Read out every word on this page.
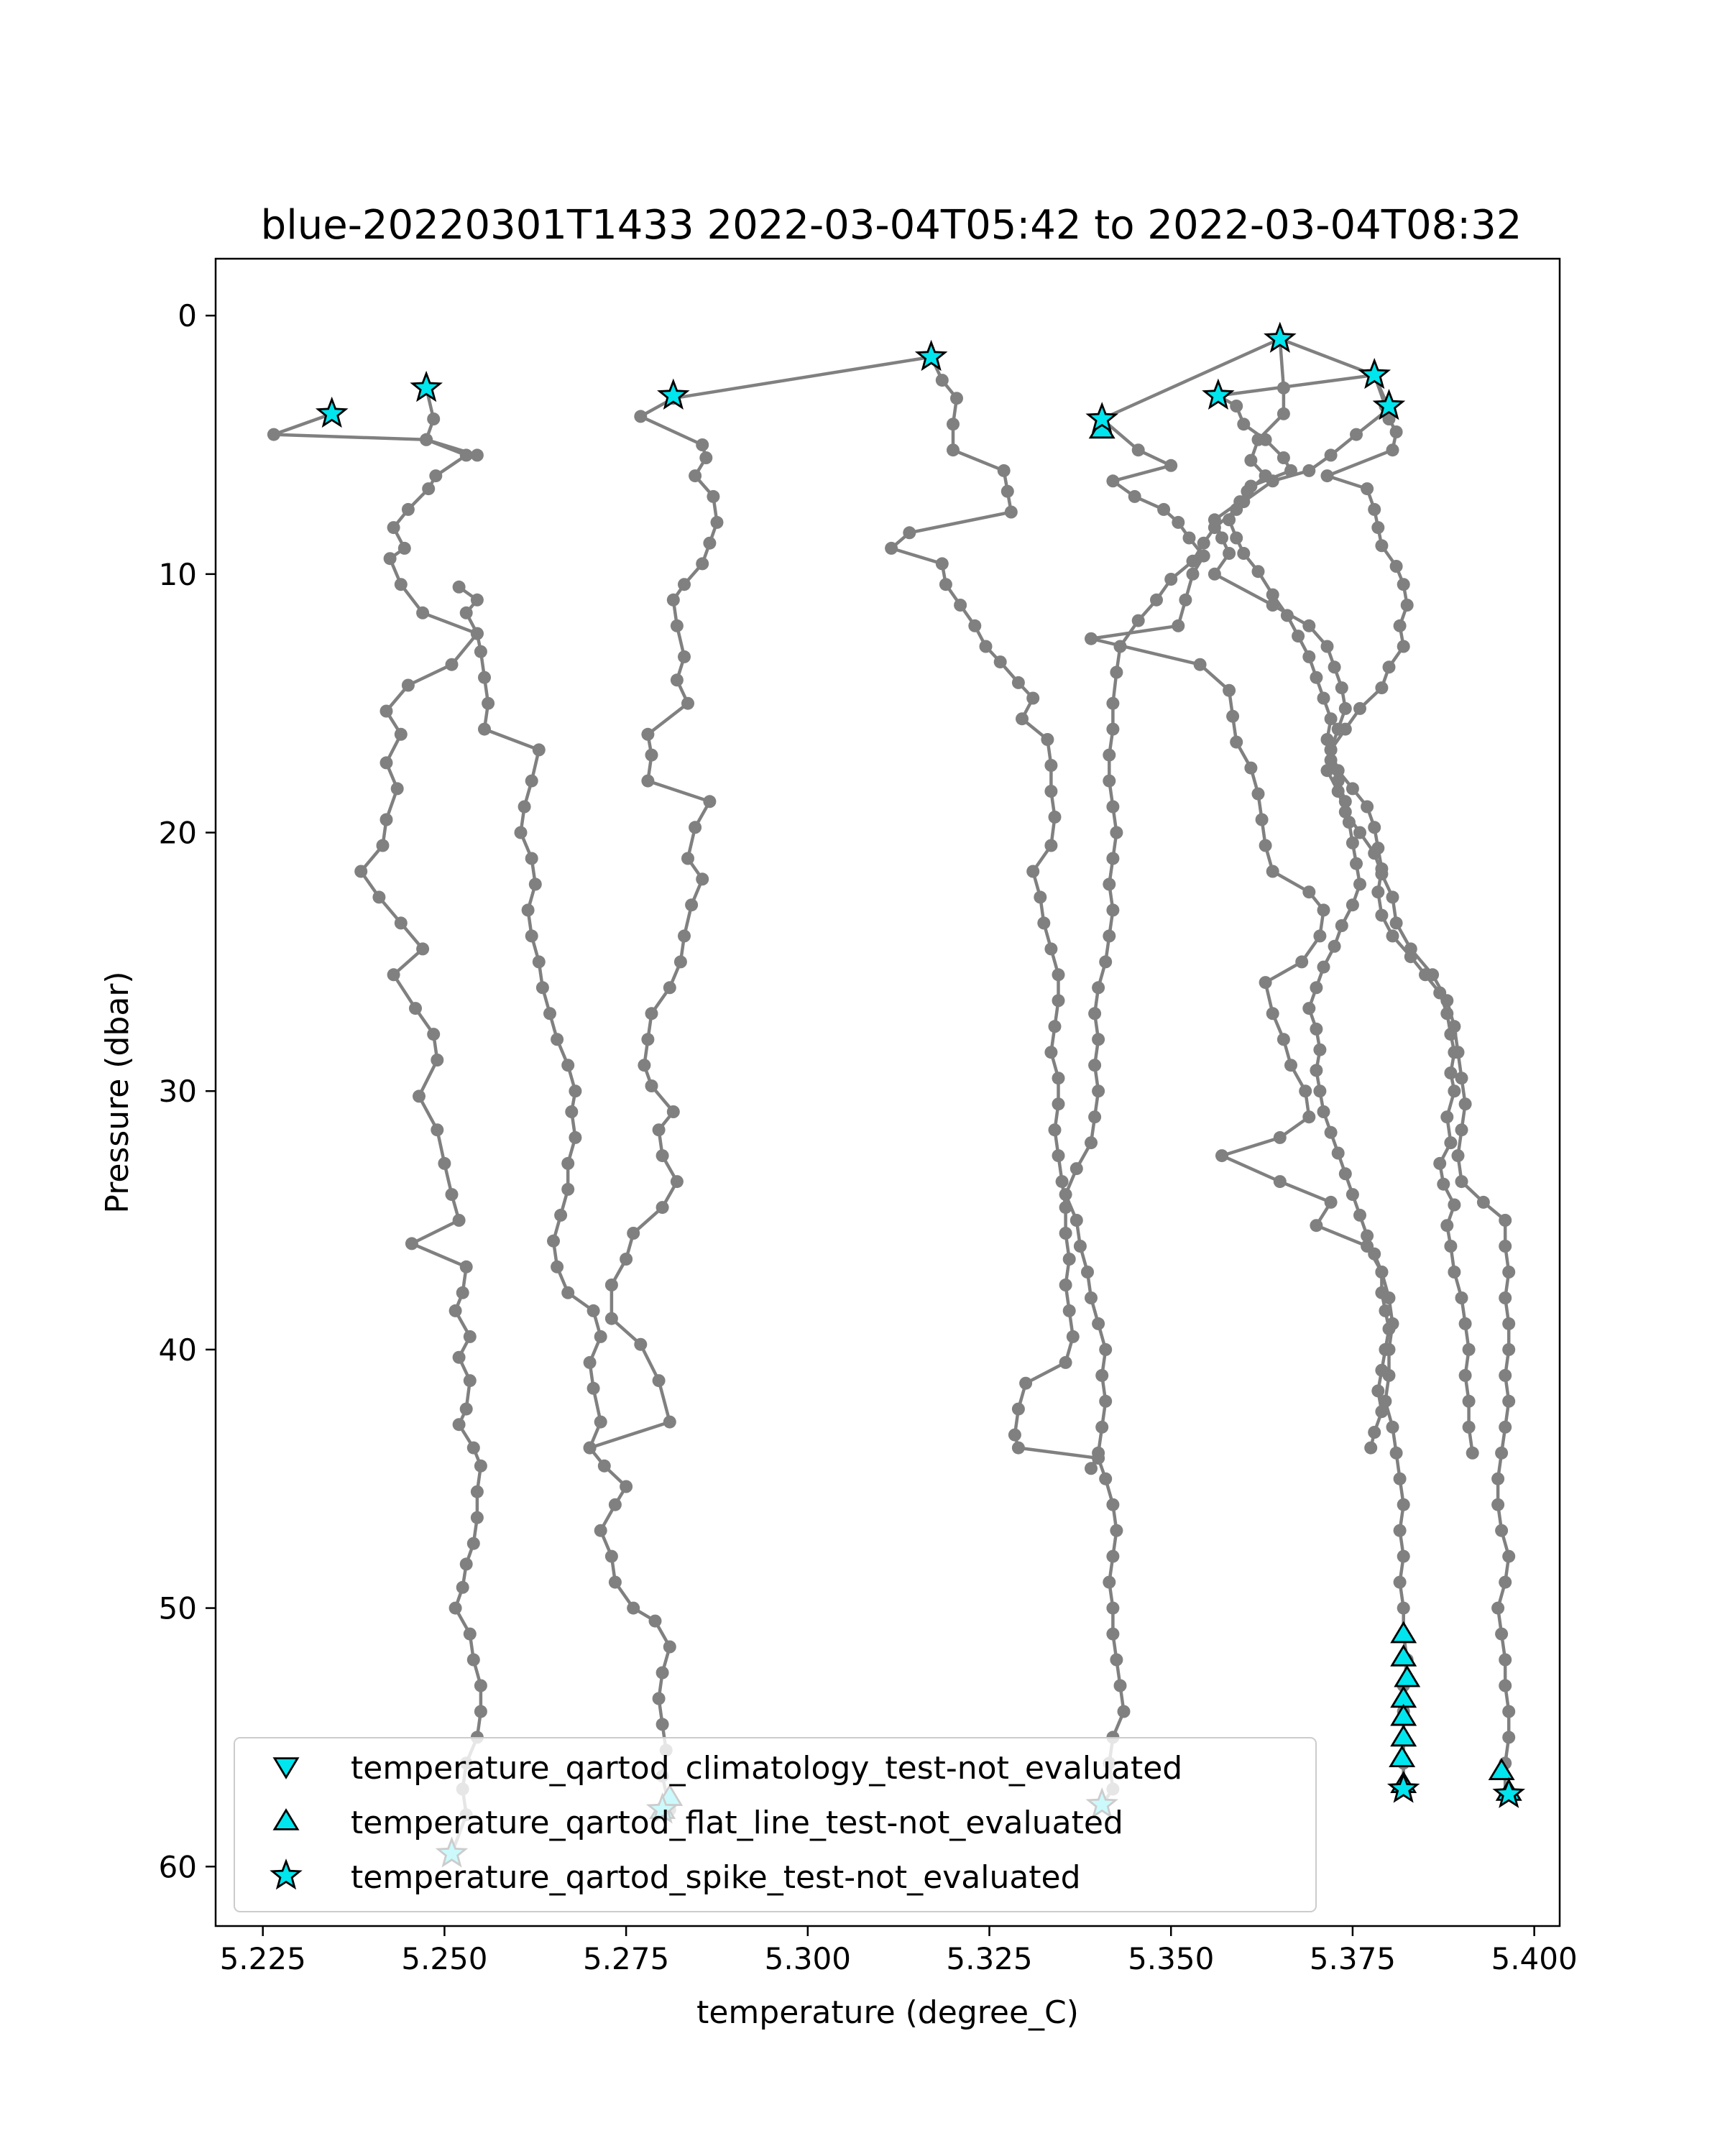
blue-20220301T1433 2022-03-04T05:42 to 2022-03-04T08:32
5.225	5.250	5.275	5.300	5.325	5.350	5.375	5.400
0
10
20
30
40
50
60
temperature (degree_C)
Pressure (dbar)
temperature_qartod_climatology_test-not_evaluated
temperature_qartod_flat_line_test-not_evaluated
temperature_qartod_spike_test-not_evaluated
